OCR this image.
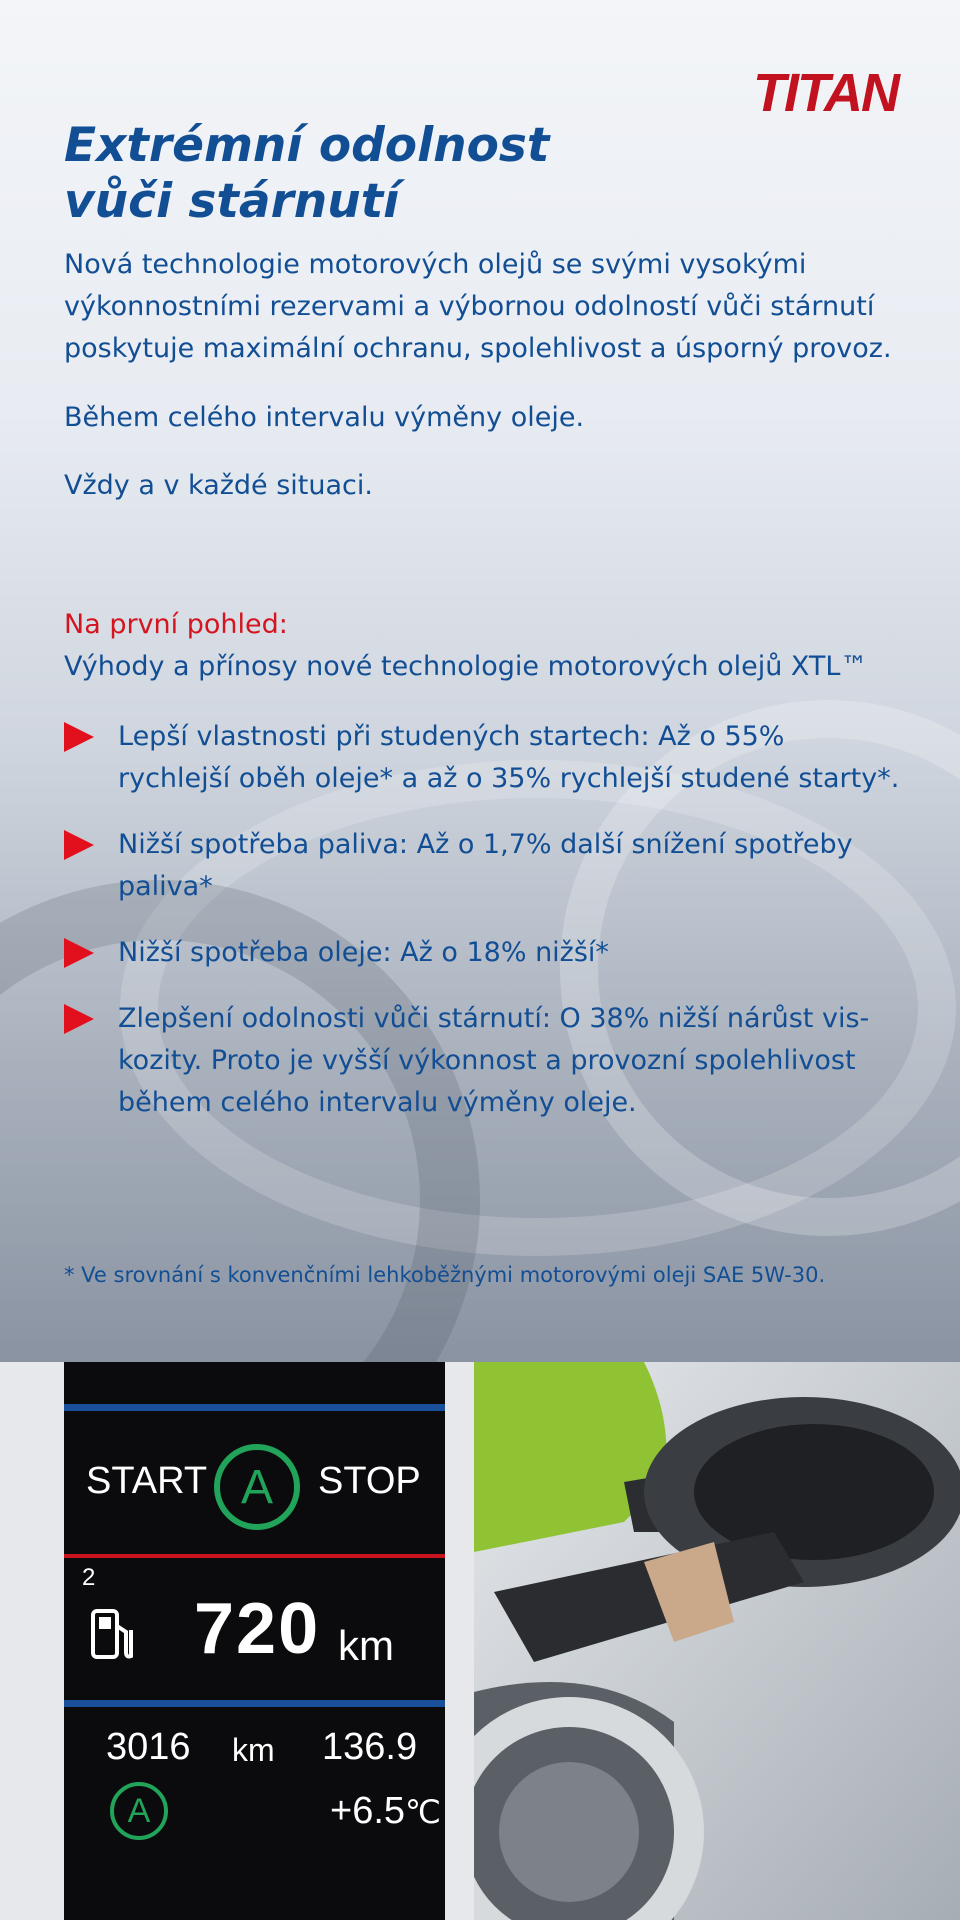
TITAN
Extrémní odolnost
vůči stárnutí

Nová technologie motorových olejů se svými vysokými výkonnostními rezervami a výbornou odolností vůči stárnutí poskytuje maximální ochranu, spolehlivost a úsporný provoz.

Během celého intervalu výměny oleje.

Vždy a v každé situaci.

Na první pohled:

Výhody a přínosy nové technologie motorových olejů XTL™

Lepší vlastnosti při studených startech: Až o 55% rychlejší oběh oleje* a až o 35% rychlejší studené starty*.
Nižší spotřeba paliva: Až o 1,7% další snížení spotřeby paliva*
Nižší spotřeba oleje: Až o 18% nižší*
Zlepšení odolnosti vůči stárnutí: O 38% nižší nárůst viskozity. Proto je vyšší výkonnost a provozní spolehlivost během celého intervalu výměny oleje.

* Ve srovnání s konvenčními lehkoběžnými motorovými oleji SAE 5W-30.

START A STOP
2
720 km
3016 km 136.9
A	+6.5℃
